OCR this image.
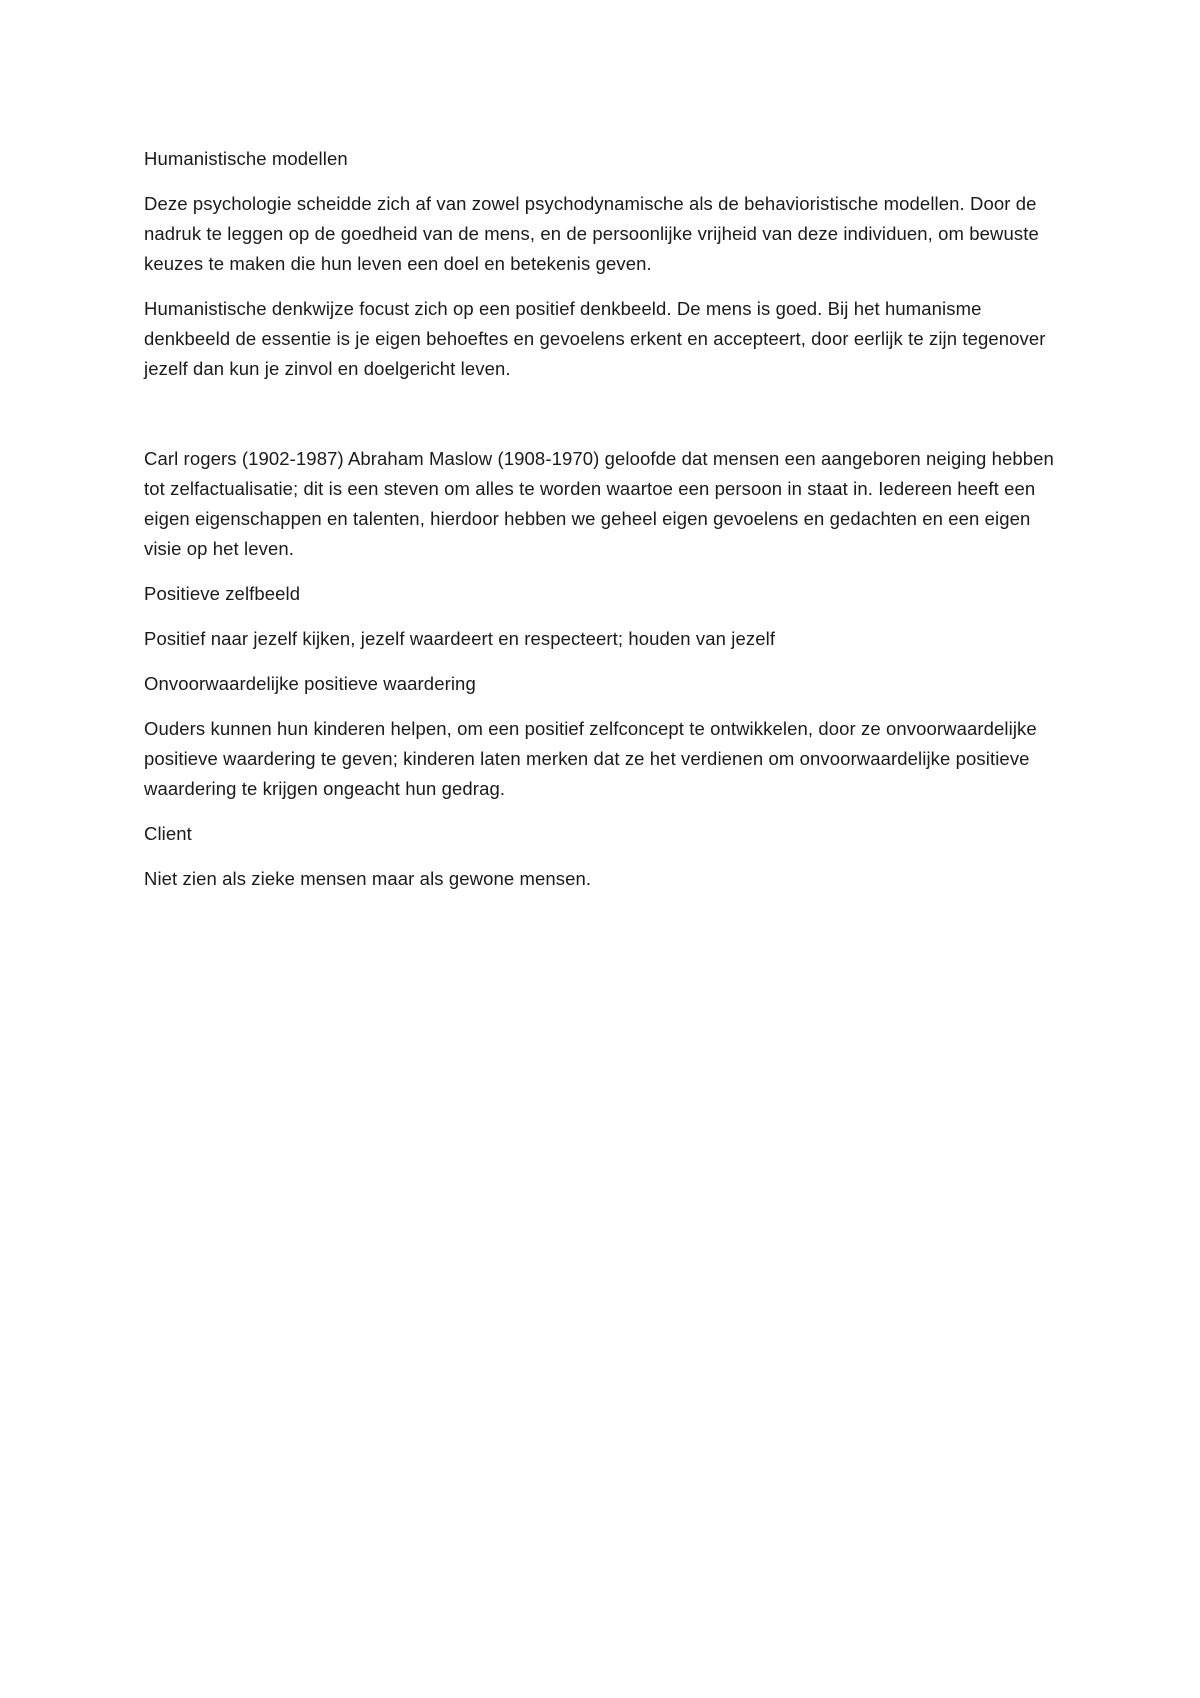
Humanistische modellen

Deze psychologie scheidde zich af van zowel psychodynamische als de behavioristische modellen. Door de nadruk te leggen op de goedheid van de mens, en de persoonlijke vrijheid van deze individuen, om bewuste keuzes te maken die hun leven een doel en betekenis geven.

Humanistische denkwijze focust zich op een positief denkbeeld. De mens is goed. Bij het humanisme denkbeeld de essentie is je eigen behoeftes en gevoelens erkent en accepteert, door eerlijk te zijn tegenover jezelf dan kun je zinvol en doelgericht leven.

Carl rogers (1902-1987) Abraham Maslow (1908-1970) geloofde dat mensen een aangeboren neiging hebben tot zelfactualisatie; dit is een steven om alles te worden waartoe een persoon in staat in. Iedereen heeft een eigen eigenschappen en talenten, hierdoor hebben we geheel eigen gevoelens en gedachten en een eigen visie op het leven.

Positieve zelfbeeld

Positief naar jezelf kijken, jezelf waardeert en respecteert; houden van jezelf

Onvoorwaardelijke positieve waardering

Ouders kunnen hun kinderen helpen, om een positief zelfconcept te ontwikkelen, door ze onvoorwaardelijke positieve waardering te geven; kinderen laten merken dat ze het verdienen om onvoorwaardelijke positieve waardering te krijgen ongeacht hun gedrag.

Client

Niet zien als zieke mensen maar als gewone mensen.
